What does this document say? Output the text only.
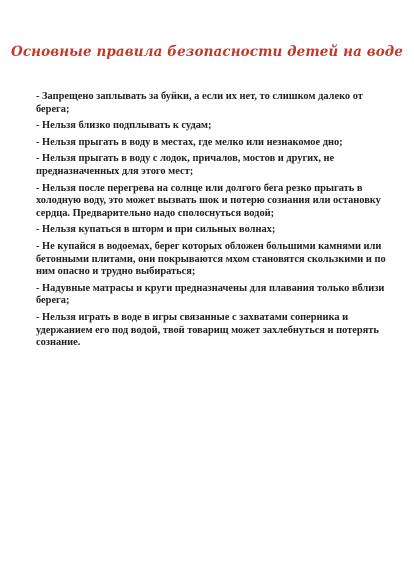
Основные правила безопасности детей на воде
- Запрещено заплывать за буйки, а если их нет, то слишком далеко от берега;
- Нельзя близко подплывать к судам;
- Нельзя прыгать в воду в местах, где мелко или незнакомое дно;
- Нельзя прыгать в воду с лодок, причалов, мостов и других, не предназначенных для этого мест;
- Нельзя после перегрева на солнце или долгого бега резко прыгать в холодную воду, это может вызвать шок и потерю сознания или остановку сердца. Предварительно надо сполоснуться водой;
- Нельзя купаться в шторм и при сильных волнах;
- Не купайся в водоемах, берег которых обложен большими камнями или бетонными плитами, они покрываются мхом становятся скользкими и по ним опасно и трудно выбираться;
- Надувные матрасы и круги предназначены для плавания только вблизи берега;
- Нельзя играть в воде в игры связанные с захватами соперника и удержанием его под водой, твой товарищ может захлебнуться и потерять сознание.
